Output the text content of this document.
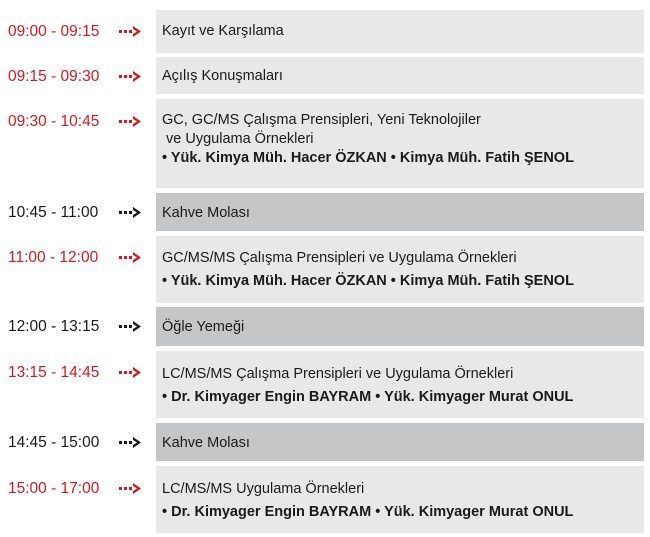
09:00 - 09:15	Kayıt ve Karşılama
09:15 - 09:30	Açılış Konuşmaları
09:30 - 10:45	GC, GC/MS Çalışma Prensipleri, Yeni Teknolojiler
ve Uygulama Örnekleri
• Yük. Kimya Müh. Hacer ÖZKAN • Kimya Müh. Fatih ŞENOL
10:45 - 11:00	Kahve Molası
11:00 - 12:00	GC/MS/MS Çalışma Prensipleri ve Uygulama Örnekleri
• Yük. Kimya Müh. Hacer ÖZKAN • Kimya Müh. Fatih ŞENOL
12:00 - 13:15	Öğle Yemeği
13:15 - 14:45	LC/MS/MS Çalışma Prensipleri ve Uygulama Örnekleri
• Dr. Kimyager Engin BAYRAM • Yük. Kimyager Murat ONUL
14:45 - 15:00	Kahve Molası
15:00 - 17:00	LC/MS/MS Uygulama Örnekleri
• Dr. Kimyager Engin BAYRAM • Yük. Kimyager Murat ONUL
